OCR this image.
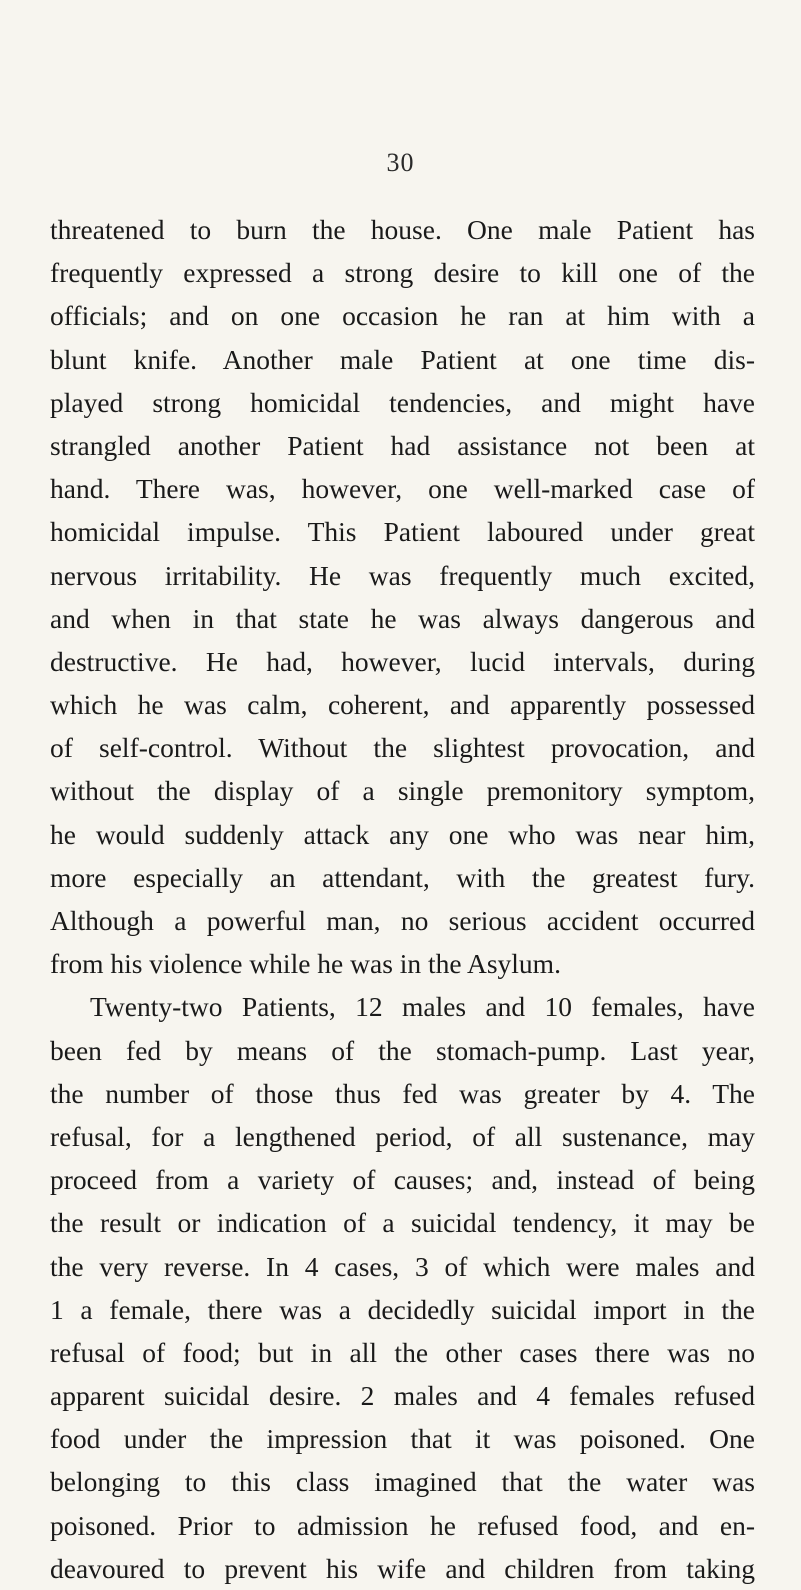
30
threatened to burn the house. One male Patient has
frequently expressed a strong desire to kill one of the
officials; and on one occasion he ran at him with a
blunt knife. Another male Patient at one time dis-
played strong homicidal tendencies, and might have
strangled another Patient had assistance not been at
hand. There was, however, one well-marked case of
homicidal impulse. This Patient laboured under great
nervous irritability. He was frequently much excited,
and when in that state he was always dangerous and
destructive. He had, however, lucid intervals, during
which he was calm, coherent, and apparently possessed
of self-control. Without the slightest provocation, and
without the display of a single premonitory symptom,
he would suddenly attack any one who was near him,
more especially an attendant, with the greatest fury.
Although a powerful man, no serious accident occurred
from his violence while he was in the Asylum.
Twenty-two Patients, 12 males and 10 females, have
been fed by means of the stomach-pump. Last year,
the number of those thus fed was greater by 4. The
refusal, for a lengthened period, of all sustenance, may
proceed from a variety of causes; and, instead of being
the result or indication of a suicidal tendency, it may be
the very reverse. In 4 cases, 3 of which were males and
1 a female, there was a decidedly suicidal import in the
refusal of food; but in all the other cases there was no
apparent suicidal desire. 2 males and 4 females refused
food under the impression that it was poisoned. One
belonging to this class imagined that the water was
poisoned. Prior to admission he refused food, and en-
deavoured to prevent his wife and children from taking
